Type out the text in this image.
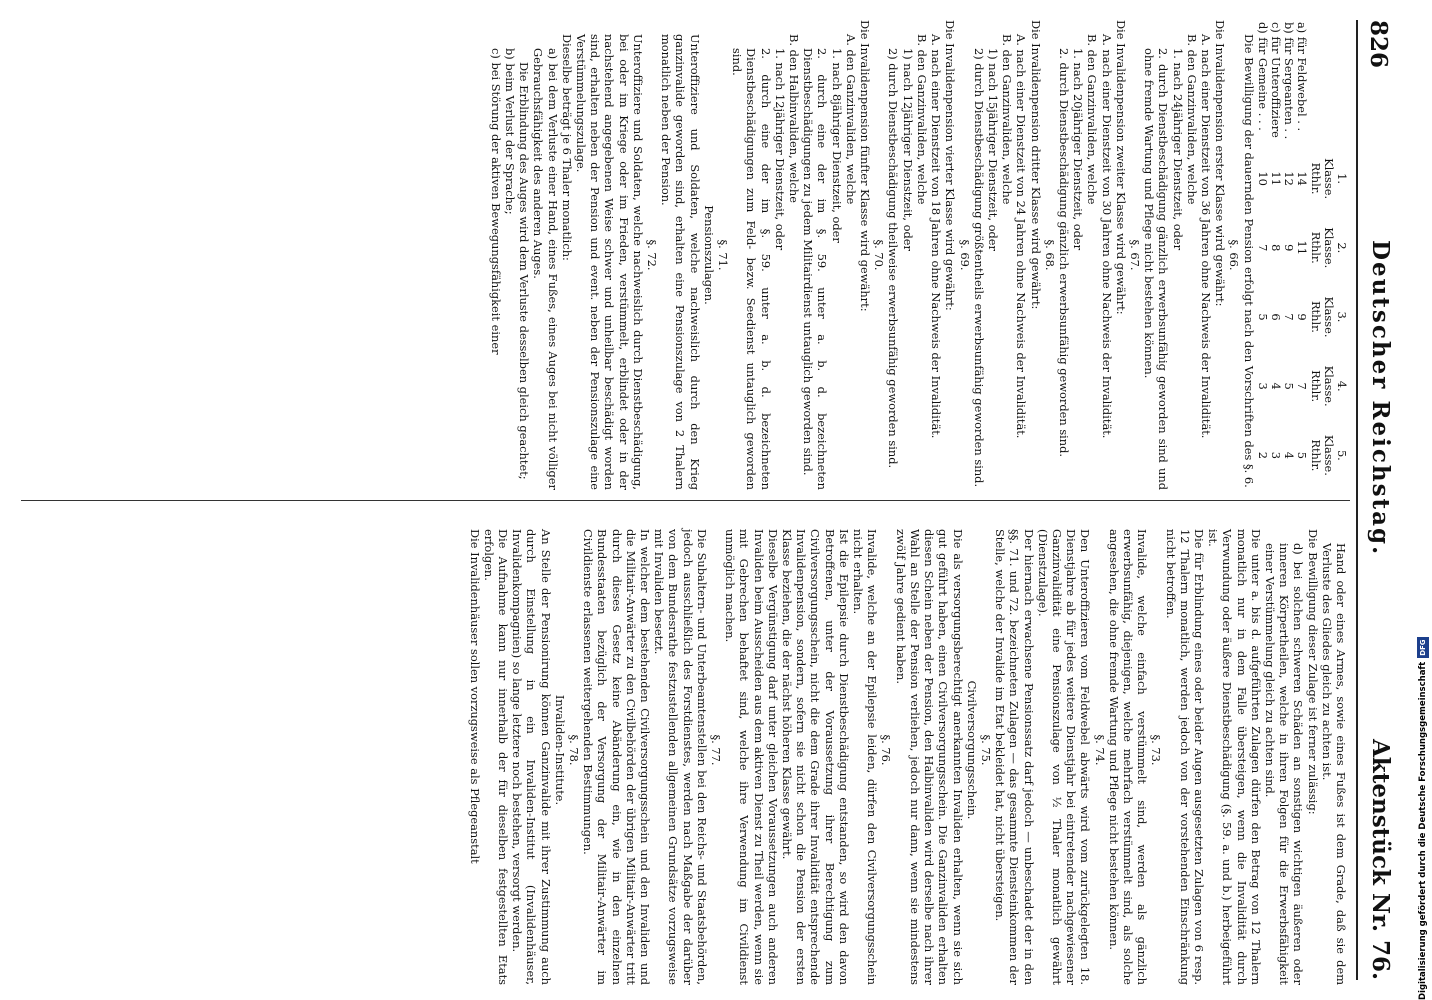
826
Deutscher Reichstag.
Aktenstück Nr. 76.
	1.	2.	3.	4.	5.
	Klasse. Rthlr.	Klasse. Rthlr.	Klasse. Rthlr.	Klasse. Rthlr.	Klasse. Rthlr.
a) für Feldwebel . .	14	11	9	7	5
b) für Sergeanten . .	12	9	7	5	4
c) für Unteroffiziere	11	8	6	4	3
d) für Gemeine . . .	10	7	5	3	2

Die Bewilligung der dauernden Pension erfolgt nach den Vorschriften des §. 6.

§. 66.

Die Invalidenpension erster Klasse wird gewährt:

A. nach einer Dienstzeit von 36 Jahren ohne Nachweis der Invalidität.

B. den Ganzinvaliden, welche

1. nach 24jähriger Dienstzeit, oder

2. durch Dienstbeschädigung gänzlich erwerbsunfähig geworden sind und ohne fremde Wartung und Pflege nicht bestehen können.

§. 67.

Die Invalidenpension zweiter Klasse wird gewährt:

A. nach einer Dienstzeit von 30 Jahren ohne Nachweis der Invalidität.

B. den Ganzinvaliden, welche

1. nach 20jähriger Dienstzeit, oder

2. durch Dienstbeschädigung gänzlich erwerbsunfähig geworden sind.

§. 68.

Die Invalidenpension dritter Klasse wird gewährt:

A. nach einer Dienstzeit von 24 Jahren ohne Nachweis der Invalidität.

B. den Ganzinvaliden, welche

1) nach 15jähriger Dienstzeit, oder

2) durch Dienstbeschädigung größtentheils erwerbsunfähig geworden sind.

§. 69.

Die Invalidenpension vierter Klasse wird gewährt:

A. nach einer Dienstzeit von 18 Jahren ohne Nachweis der Invalidität.

B. den Ganzinvaliden, welche

1) nach 12jähriger Dienstzeit, oder

2) durch Dienstbeschädigung theilweise erwerbsunfähig geworden sind.

§. 70.

Die Invalidenpension fünfter Klasse wird gewährt:

A. den Ganzinvaliden, welche

1. nach 8jähriger Dienstzeit, oder

2. durch eine der im §. 59. unter a. b. d. bezeichneten Dienstbeschädigungen zu jedem Militairdienst untauglich geworden sind.

B. den Halbinvaliden, welche

1. nach 12jähriger Dienstzeit, oder

2. durch eine der im §. 59. unter a. b. d. bezeichneten Dienstbeschädigungen zum Feld- bezw. Seedienst untauglich geworden sind.

§. 71.

Pensionszulagen.

Unteroffiziere und Soldaten, welche nachweislich durch den Krieg ganzinvalide geworden sind, erhalten eine Pensionszulage von 2 Thalern monatlich neben der Pension.

§. 72.

Unteroffiziere und Soldaten, welche nachweislich durch Dienstbeschädigung, bei oder im Kriege oder im Frieden, verstümmelt, erblindet oder in der nachstehend angegebenen Weise schwer und unheilbar beschädigt worden sind, erhalten neben der Pension und event. neben der Pensionszulage eine Verstümmelungszulage.

Dieselbe beträgt je 6 Thaler monatlich:

a) bei dem Verluste einer Hand, eines Fußes, eines Auges bei nicht völliger Gebrauchsfähigkeit des anderen Auges.

Die Erblindung des Auges wird dem Verluste desselben gleich geachtet;

b) beim Verlust der Sprache;

c) bei Störung der aktiven Bewegungsfähigkeit einer

Hand oder eines Armes, sowie eines Fußes ist dem Grade, daß sie dem Verluste des Gliedes gleich zu achten ist.

Die Bewilligung dieser Zulage ist ferner zulässig:

d) bei solchen schweren Schäden an sonstigen wichtigen äußeren oder inneren Körpertheilen, welche in ihren Folgen für die Erwerbsfähigkeit einer Verstümmelung gleich zu achten sind.

Die unter a. bis d. aufgeführten Zulagen dürfen den Betrag von 12 Thalern monatlich nur in dem Falle übersteigen, wenn die Invalidität durch Verwundung oder äußere Dienstbeschädigung (§. 59. a. und b.) herbeigeführt ist.

Die für Erblindung eines oder beider Augen ausgesetzten Zulagen von 6 resp. 12 Thalern monatlich, werden jedoch von der vorstehenden Einschränkung nicht betroffen.

§. 73.

Invalide, welche einfach verstümmelt sind, werden als gänzlich erwerbsunfähig, diejenigen, welche mehrfach verstümmelt sind, als solche angesehen, die ohne fremde Wartung und Pflege nicht bestehen können.

§. 74.

Den Unteroffizieren vom Feldwebel abwärts wird vom zurückgelegten 18. Dienstjahre ab für jedes weitere Dienstjahr bei eintretender nachgewiesener Ganzinvalidität eine Pensionszulage von ½ Thaler monatlich gewährt (Dienstzulage).

Der hiernach erwachsene Pensionssatz darf jedoch — unbeschadet der in den §§. 71. und 72. bezeichneten Zulagen — das gesammte Diensteinkommen der Stelle, welche der Invalide im Etat bekleidet hat, nicht übersteigen.

§. 75.

Civilversorgungsschein.

Die als versorgungsberechtigt anerkannten Invaliden erhalten, wenn sie sich gut geführt haben, einen Civilversorgungsschein. Die Ganzinvaliden erhalten diesen Schein neben der Pension, den Halbinvaliden wird derselbe nach ihrer Wahl an Stelle der Pension verliehen, jedoch nur dann, wenn sie mindestens zwölf Jahre gedient haben.

§. 76.

Invalide, welche an der Epilepsie leiden, dürfen den Civilversorgungsschein nicht erhalten.

Ist die Epilepsie durch Dienstbeschädigung entstanden, so wird den davon Betroffenen, unter der Voraussetzung ihrer Berechtigung zum Civilversorgungsschein, nicht die dem Grade ihrer Invalidität entsprechende Invalidenpension, sondern, sofern sie nicht schon die Pension der ersten Klasse beziehen, die der nächst höheren Klasse gewährt.

Dieselbe Vergünstigung darf unter gleichen Voraussetzungen auch anderen Invaliden beim Ausscheiden aus dem aktiven Dienst zu Theil werden, wenn sie mit Gebrechen behaftet sind, welche ihre Verwendung im Civildienst unmöglich machen.

§. 77.

Die Subaltern- und Unterbeamtenstellen bei den Reichs- und Staatsbehörden, jedoch ausschließlich des Forstdienstes, werden nach Maßgabe der darüber von dem Bundesrathe festzustellenden allgemeinen Grundsätze vorzugsweise mit Invaliden besetzt.

In welcher dem bestehenden Civilversorgungsschein und den Invaliden und die Militair-Anwärter zu den Civilbehörden der übrigen Militair-Anwärter tritt durch dieses Gesetz keine Abänderung ein, wie in den einzelnen Bundesstaaten bezüglich der Versorgung der Militair-Anwärter im Civildienste erlassenen weitergehenden Bestimmungen.

§. 78.

Invaliden-Institute.

An Stelle der Pensionirung können Ganzinvalide mit ihrer Zustimmung auch durch Einstellung in ein Invaliden-Institut (Invalidenhäuser, Invalidenkompagnien) so lange letztere noch bestehen, versorgt werden.

Die Aufnahme kann nur innerhalb der für dieselben festgestellten Etats erfolgen.

Die Invalidenhäuser sollen vorzugsweise als Pflegeanstalt	Digitalisierung gefördert durch die Deutsche ForschungsgemeinschaftDFG
